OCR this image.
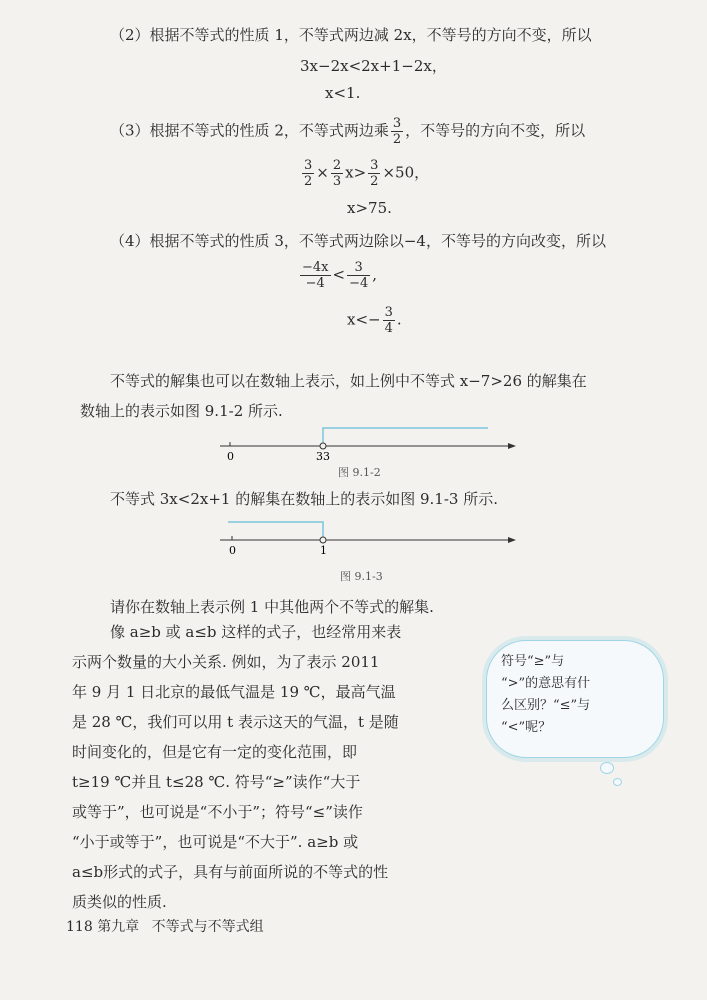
（2）根据不等式的性质 1，不等式两边减 2x，不等号的方向不变，所以
3x−2x<2x+1−2x，
x<1.
（3）根据不等式的性质 2，不等式两边乘 $\frac{3}{2}$ ，不等号的方向不变，所以
$\frac{3}{2} \times \frac{2}{3} x> \frac{3}{2} \times 50$，
x>75.
（4）根据不等式的性质 3，不等式两边除以−4，不等号的方向改变，所以
$\frac{-4x}{-4} < \frac{3}{-4}$ ,
$x<- \frac{3}{4}$ .
不等式的解集也可以在数轴上表示，如上例中不等式 x−7>26 的解集在
数轴上的表示如图 9.1-2 所示.
0	33
图 9.1-2
不等式 3x<2x+1 的解集在数轴上的表示如图 9.1-3 所示.
0	1
图 9.1-3
请你在数轴上表示例 1 中其他两个不等式的解集.
像 a≥b 或 a≤b 这样的式子，也经常用来表
示两个数量的大小关系. 例如，为了表示 2011
年 9 月 1 日北京的最低气温是 19 ℃，最高气温
是 28 ℃，我们可以用 t 表示这天的气温，t 是随
时间变化的，但是它有一定的变化范围，即
t≥19 ℃并且 t≤28 ℃. 符号“≥”读作“大于
或等于”，也可说是“不小于”；符号“≤”读作
“小于或等于”，也可说是“不大于”. a≥b 或
a≤b形式的式子，具有与前面所说的不等式的性
质类似的性质.
符号“≥”与
“>”的意思有什
么区别？“≤”与
“<”呢？
118 第九章 不等式与不等式组
